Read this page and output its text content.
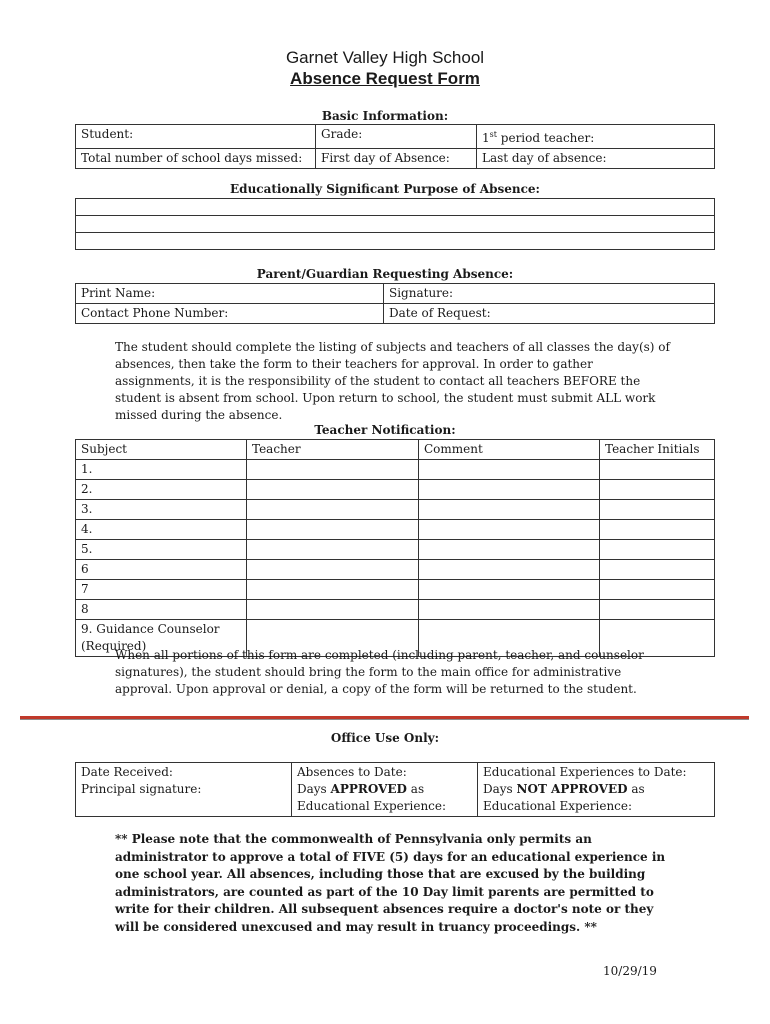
Garnet Valley High School
Absence Request Form
Basic Information:
Student:	Grade:	1st period teacher:
Total number of school days missed:	First day of Absence:	Last day of absence:
Educationally Significant Purpose of Absence:

Parent/Guardian Requesting Absence:
Print Name:	Signature:
Contact Phone Number:	Date of Request:
The student should complete the listing of subjects and teachers of all classes the day(s) of absences, then take the form to their teachers for approval. In order to gather assignments, it is the responsibility of the student to contact all teachers BEFORE the student is absent from school. Upon return to school, the student must submit ALL work missed during the absence.
Teacher Notification:
Subject	Teacher	Comment	Teacher Initials
1.			
2.			
3.			
4.			
5.			
6			
7			
8			

9. Guidance Counselor
(Required)			

When all portions of this form are completed (including parent, teacher, and counselor signatures), the student should bring the form to the main office for administrative approval. Upon approval or denial, a copy of the form will be returned to the student.
Office Use Only:
Date Received:
Principal signature:

Absences to Date:
Days APPROVED as
Educational Experience:

Educational Experiences to Date:
Days NOT APPROVED as
Educational Experience:
** Please note that the commonwealth of Pennsylvania only permits an administrator to approve a total of FIVE (5) days for an educational experience in one school year. All absences, including those that are excused by the building administrators, are counted as part of the 10 Day limit parents are permitted to write for their children. All subsequent absences require a doctor's note or they will be considered unexcused and may result in truancy proceedings. **
10/29/19
